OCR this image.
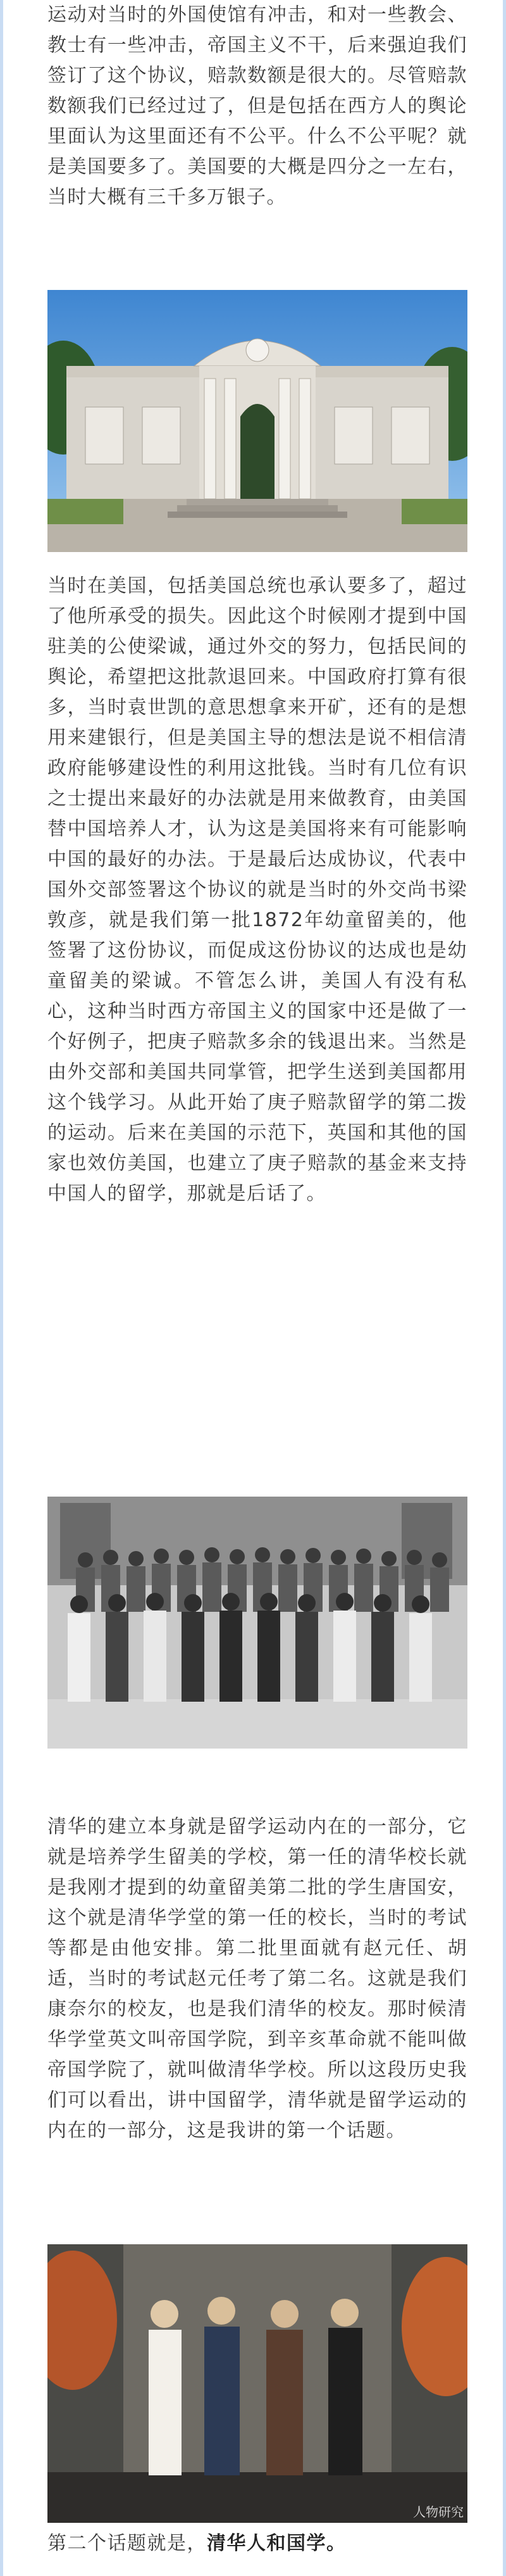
运动对当时的外国使馆有冲击，和对一些教会、教士有一些冲击，帝国主义不干，后来强迫我们签订了这个协议，赔款数额是很大的。尽管赔款数额我们已经过过了，但是包括在西方人的舆论里面认为这里面还有不公平。什么不公平呢？就是美国要多了。美国要的大概是四分之一左右，当时大概有三千多万银子。

当时在美国，包括美国总统也承认要多了，超过了他所承受的损失。因此这个时候刚才提到中国驻美的公使梁诚，通过外交的努力，包括民间的舆论，希望把这批款退回来。中国政府打算有很多，当时袁世凯的意思想拿来开矿，还有的是想用来建银行，但是美国主导的想法是说不相信清政府能够建设性的利用这批钱。当时有几位有识之士提出来最好的办法就是用来做教育，由美国替中国培养人才，认为这是美国将来有可能影响中国的最好的办法。于是最后达成协议，代表中国外交部签署这个协议的就是当时的外交尚书梁敦彦，就是我们第一批1872年幼童留美的，他签署了这份协议，而促成这份协议的达成也是幼童留美的梁诚。不管怎么讲，美国人有没有私心，这种当时西方帝国主义的国家中还是做了一个好例子，把庚子赔款多余的钱退出来。当然是由外交部和美国共同掌管，把学生送到美国都用这个钱学习。从此开始了庚子赔款留学的第二拨的运动。后来在美国的示范下，英国和其他的国家也效仿美国，也建立了庚子赔款的基金来支持中国人的留学，那就是后话了。

清华的建立本身就是留学运动内在的一部分，它就是培养学生留美的学校，第一任的清华校长就是我刚才提到的幼童留美第二批的学生唐国安，这个就是清华学堂的第一任的校长，当时的考试等都是由他安排。第二批里面就有赵元任、胡适，当时的考试赵元任考了第二名。这就是我们康奈尔的校友，也是我们清华的校友。那时候清华学堂英文叫帝国学院，到辛亥革命就不能叫做帝国学院了，就叫做清华学校。所以这段历史我们可以看出，讲中国留学，清华就是留学运动的内在的一部分，这是我讲的第一个话题。

人物研究

第二个话题就是，清华人和国学。
